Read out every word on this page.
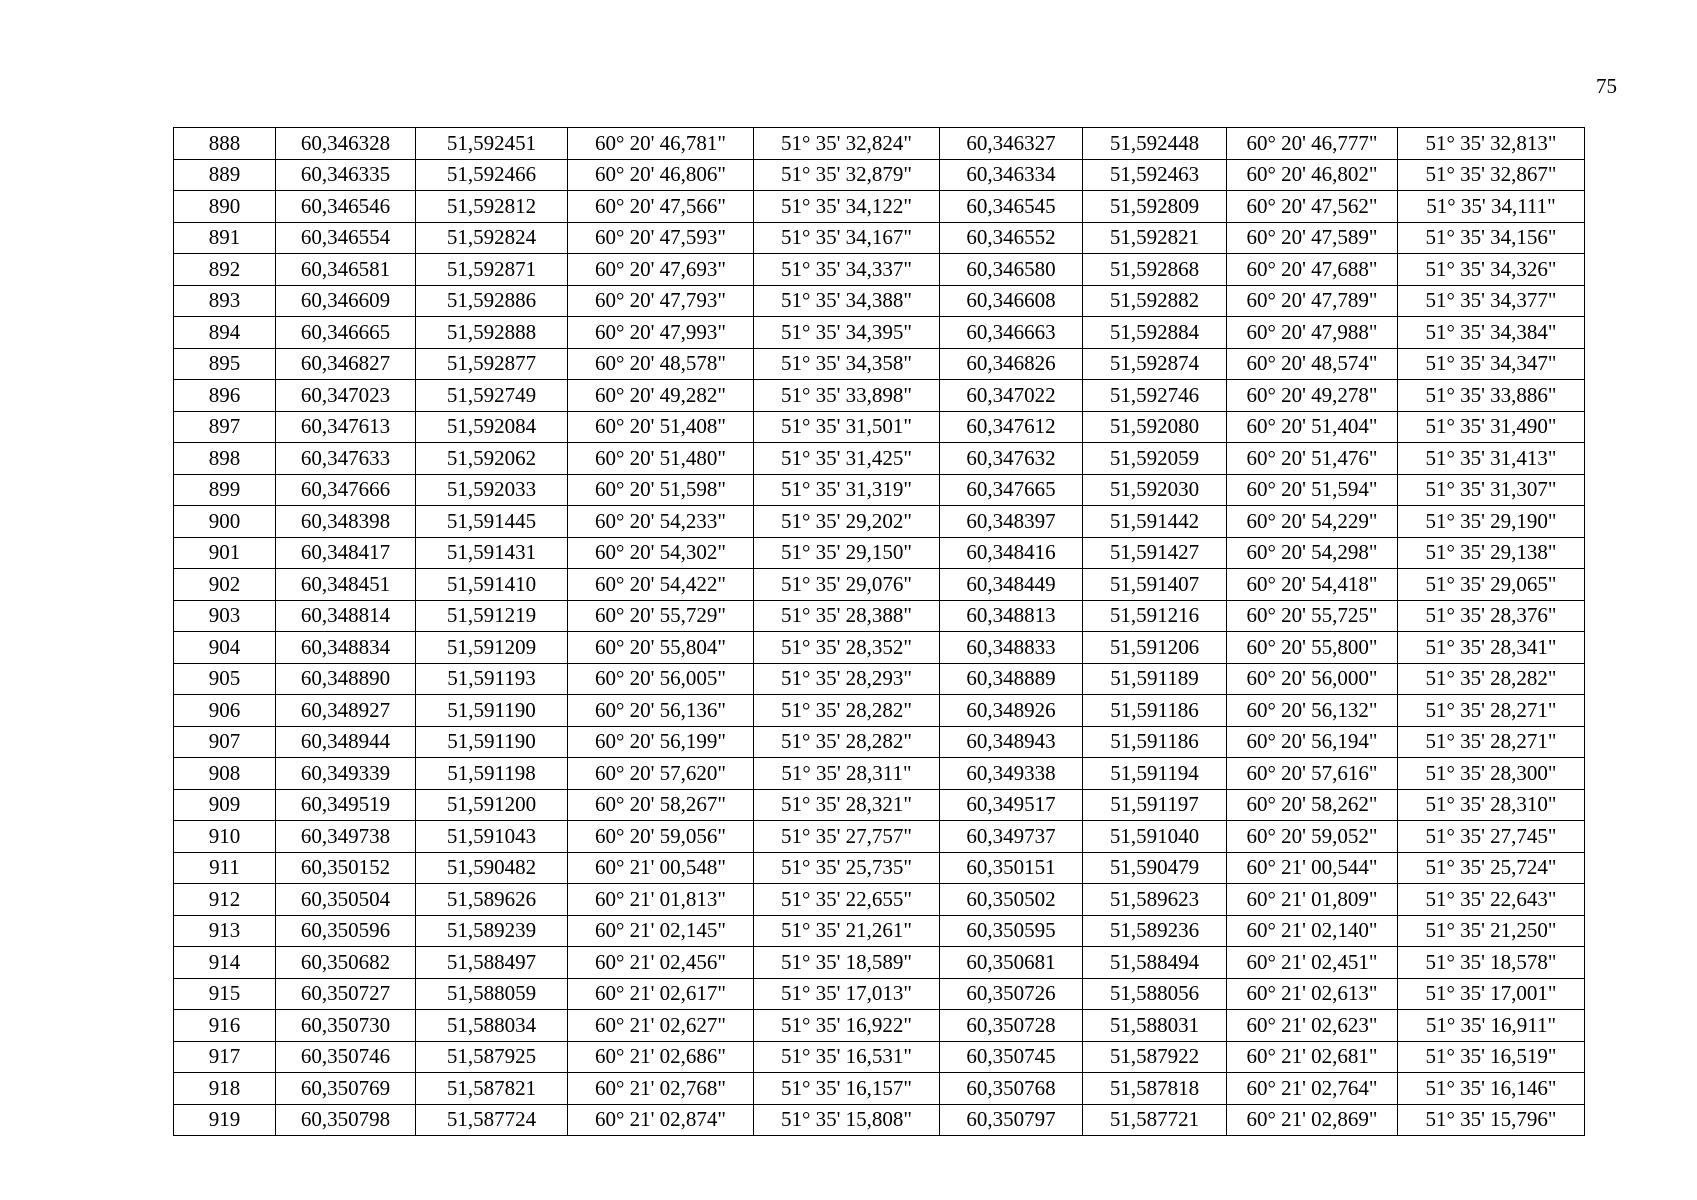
75
888	60,346328	51,592451	60° 20' 46,781"	51° 35' 32,824"	60,346327	51,592448	60° 20' 46,777"	51° 35' 32,813"
889	60,346335	51,592466	60° 20' 46,806"	51° 35' 32,879"	60,346334	51,592463	60° 20' 46,802"	51° 35' 32,867"
890	60,346546	51,592812	60° 20' 47,566"	51° 35' 34,122"	60,346545	51,592809	60° 20' 47,562"	51° 35' 34,111"
891	60,346554	51,592824	60° 20' 47,593"	51° 35' 34,167"	60,346552	51,592821	60° 20' 47,589"	51° 35' 34,156"
892	60,346581	51,592871	60° 20' 47,693"	51° 35' 34,337"	60,346580	51,592868	60° 20' 47,688"	51° 35' 34,326"
893	60,346609	51,592886	60° 20' 47,793"	51° 35' 34,388"	60,346608	51,592882	60° 20' 47,789"	51° 35' 34,377"
894	60,346665	51,592888	60° 20' 47,993"	51° 35' 34,395"	60,346663	51,592884	60° 20' 47,988"	51° 35' 34,384"
895	60,346827	51,592877	60° 20' 48,578"	51° 35' 34,358"	60,346826	51,592874	60° 20' 48,574"	51° 35' 34,347"
896	60,347023	51,592749	60° 20' 49,282"	51° 35' 33,898"	60,347022	51,592746	60° 20' 49,278"	51° 35' 33,886"
897	60,347613	51,592084	60° 20' 51,408"	51° 35' 31,501"	60,347612	51,592080	60° 20' 51,404"	51° 35' 31,490"
898	60,347633	51,592062	60° 20' 51,480"	51° 35' 31,425"	60,347632	51,592059	60° 20' 51,476"	51° 35' 31,413"
899	60,347666	51,592033	60° 20' 51,598"	51° 35' 31,319"	60,347665	51,592030	60° 20' 51,594"	51° 35' 31,307"
900	60,348398	51,591445	60° 20' 54,233"	51° 35' 29,202"	60,348397	51,591442	60° 20' 54,229"	51° 35' 29,190"
901	60,348417	51,591431	60° 20' 54,302"	51° 35' 29,150"	60,348416	51,591427	60° 20' 54,298"	51° 35' 29,138"
902	60,348451	51,591410	60° 20' 54,422"	51° 35' 29,076"	60,348449	51,591407	60° 20' 54,418"	51° 35' 29,065"
903	60,348814	51,591219	60° 20' 55,729"	51° 35' 28,388"	60,348813	51,591216	60° 20' 55,725"	51° 35' 28,376"
904	60,348834	51,591209	60° 20' 55,804"	51° 35' 28,352"	60,348833	51,591206	60° 20' 55,800"	51° 35' 28,341"
905	60,348890	51,591193	60° 20' 56,005"	51° 35' 28,293"	60,348889	51,591189	60° 20' 56,000"	51° 35' 28,282"
906	60,348927	51,591190	60° 20' 56,136"	51° 35' 28,282"	60,348926	51,591186	60° 20' 56,132"	51° 35' 28,271"
907	60,348944	51,591190	60° 20' 56,199"	51° 35' 28,282"	60,348943	51,591186	60° 20' 56,194"	51° 35' 28,271"
908	60,349339	51,591198	60° 20' 57,620"	51° 35' 28,311"	60,349338	51,591194	60° 20' 57,616"	51° 35' 28,300"
909	60,349519	51,591200	60° 20' 58,267"	51° 35' 28,321"	60,349517	51,591197	60° 20' 58,262"	51° 35' 28,310"
910	60,349738	51,591043	60° 20' 59,056"	51° 35' 27,757"	60,349737	51,591040	60° 20' 59,052"	51° 35' 27,745"
911	60,350152	51,590482	60° 21' 00,548"	51° 35' 25,735"	60,350151	51,590479	60° 21' 00,544"	51° 35' 25,724"
912	60,350504	51,589626	60° 21' 01,813"	51° 35' 22,655"	60,350502	51,589623	60° 21' 01,809"	51° 35' 22,643"
913	60,350596	51,589239	60° 21' 02,145"	51° 35' 21,261"	60,350595	51,589236	60° 21' 02,140"	51° 35' 21,250"
914	60,350682	51,588497	60° 21' 02,456"	51° 35' 18,589"	60,350681	51,588494	60° 21' 02,451"	51° 35' 18,578"
915	60,350727	51,588059	60° 21' 02,617"	51° 35' 17,013"	60,350726	51,588056	60° 21' 02,613"	51° 35' 17,001"
916	60,350730	51,588034	60° 21' 02,627"	51° 35' 16,922"	60,350728	51,588031	60° 21' 02,623"	51° 35' 16,911"
917	60,350746	51,587925	60° 21' 02,686"	51° 35' 16,531"	60,350745	51,587922	60° 21' 02,681"	51° 35' 16,519"
918	60,350769	51,587821	60° 21' 02,768"	51° 35' 16,157"	60,350768	51,587818	60° 21' 02,764"	51° 35' 16,146"
919	60,350798	51,587724	60° 21' 02,874"	51° 35' 15,808"	60,350797	51,587721	60° 21' 02,869"	51° 35' 15,796"
